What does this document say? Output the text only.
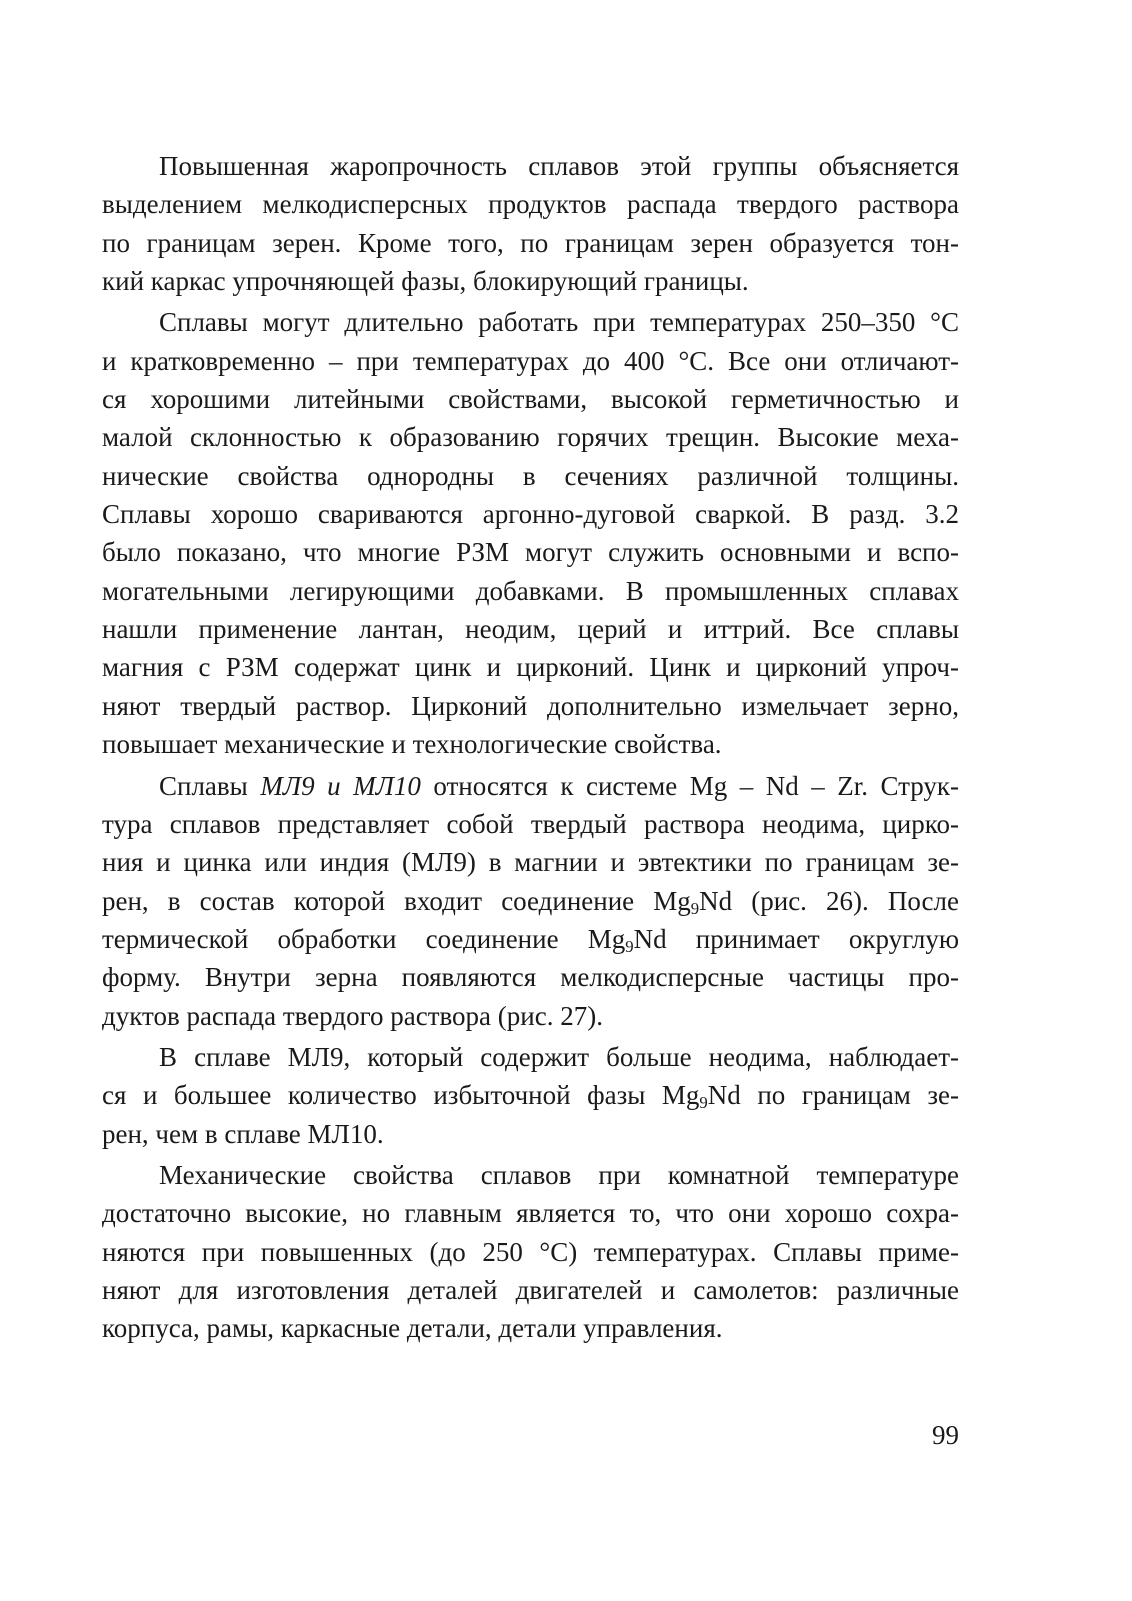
Повышенная жаропрочность сплавов этой группы объясняется
выделением мелкодисперсных продуктов распада твердого раствора
по границам зерен. Кроме того, по границам зерен образуется тон-
кий каркас упрочняющей фазы, блокирующий границы.
Сплавы могут длительно работать при температурах 250–350 °С
и кратковременно – при температурах до 400 °С. Все они отличают-
ся хорошими литейными свойствами, высокой герметичностью и
малой склонностью к образованию горячих трещин. Высокие меха-
нические свойства однородны в сечениях различной толщины.
Сплавы хорошо свариваются аргонно-дуговой сваркой. В разд. 3.2
было показано, что многие РЗМ могут служить основными и вспо-
могательными легирующими добавками. В промышленных сплавах
нашли применение лантан, неодим, церий и иттрий. Все сплавы
магния с РЗМ содержат цинк и цирконий. Цинк и цирконий упроч-
няют твердый раствор. Цирконий дополнительно измельчает зерно,
повышает механические и технологические свойства.
Сплавы МЛ9 и МЛ10 относятся к системе Mg – Nd – Zr. Струк-
тура сплавов представляет собой твердый раствора неодима, цирко-
ния и цинка или индия (МЛ9) в магнии и эвтектики по границам зе-
рен, в состав которой входит соединение $Mg_9Nd$ (рис. 26). После
термической обработки соединение $Mg_9Nd$ принимает округлую
форму. Внутри зерна появляются мелкодисперсные частицы про-
дуктов распада твердого раствора (рис. 27).
В сплаве МЛ9, который содержит больше неодима, наблюдает-
ся и большее количество избыточной фазы $Mg_9Nd$ по границам зе-
рен, чем в сплаве МЛ10.
Механические свойства сплавов при комнатной температуре
достаточно высокие, но главным является то, что они хорошо сохра-
няются при повышенных (до 250 °С) температурах. Сплавы приме-
няют для изготовления деталей двигателей и самолетов: различные
корпуса, рамы, каркасные детали, детали управления.
99
